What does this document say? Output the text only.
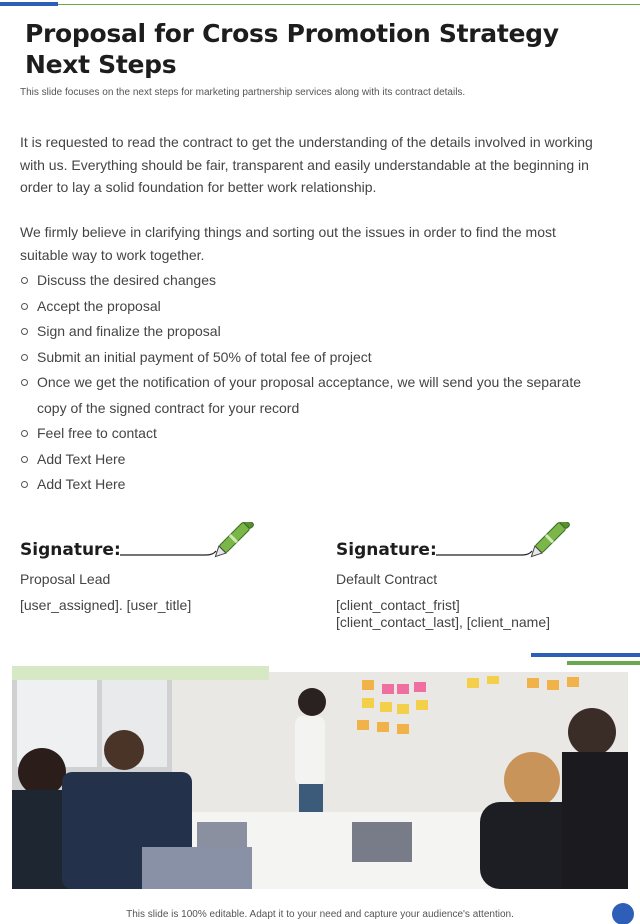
Proposal for Cross Promotion Strategy
Next Steps
This slide focuses on the next steps for marketing partnership services along with its contract details.

It is requested to read the contract to get the understanding of the details involved in working with us. Everything should be fair, transparent and easily understandable at the beginning in order to lay a solid foundation for better work relationship.

We firmly believe in clarifying things and sorting out the issues in order to find the most suitable way to work together.

Discuss the desired changes
Accept the proposal
Sign and finalize the proposal
Submit an initial payment of 50% of total fee of project
Once we get the notification of your proposal acceptance, we will send you the separate copy of the signed contract for your record
Feel free to contact
Add Text Here
Add Text Here
Signature:
Proposal Lead
[user_assigned]. [user_title]
Signature:
Default Contract
[client_contact_frist]
[client_contact_last], [client_name]
This slide is 100% editable. Adapt it to your need and capture your audience's attention.
